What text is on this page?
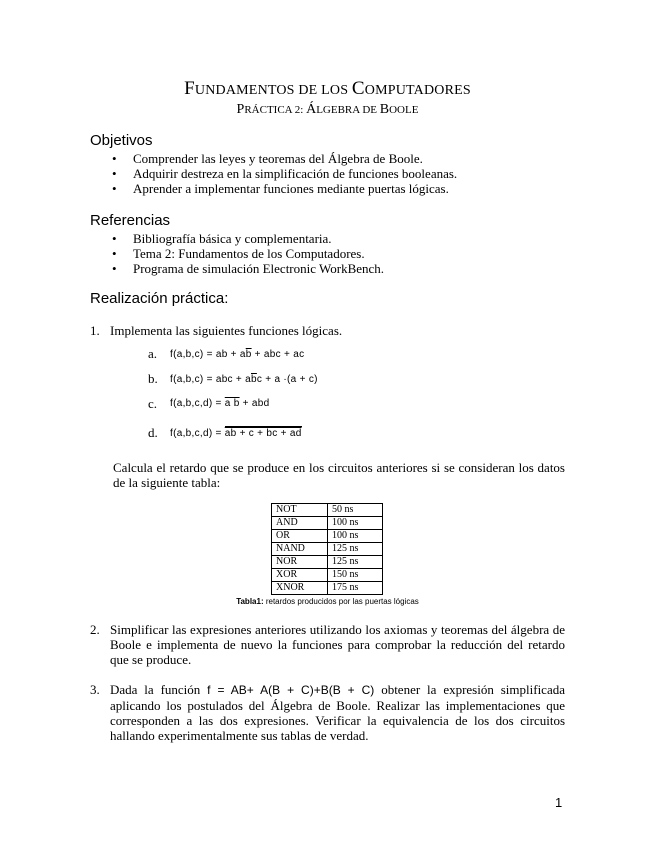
FUNDAMENTOS DE LOS COMPUTADORES
PRÁCTICA 2: ÁLGEBRA DE BOOLE
Objetivos
• Comprender las leyes y teoremas del Álgebra de Boole.
• Adquirir destreza en la simplificación de funciones booleanas.
• Aprender a implementar funciones mediante puertas lógicas.
Referencias
• Bibliografía básica y complementaria.
• Tema 2: Fundamentos de los Computadores.
• Programa de simulación Electronic WorkBench.
Realización práctica:
1. Implementa las siguientes funciones lógicas.
a. f(a,b,c) = ab + $a\overline{b}$ + abc + ac
b. f(a,b,c) = abc + $a\overline{b}c + a \cdot(a + c)$
c. f(a,b,c,d) = a b + abd
d. f(a,b,c,d) = ab + c + bc + ad
Calcula el retardo que se produce en los circuitos anteriores si se consideran los datos de la siguiente tabla:
NOT	50 ns
AND	100 ns
OR	100 ns
NAND	125 ns
NOR	125 ns
XOR	150 ns
XNOR	175 ns
Tabla1: retardos producidos por las puertas lógicas
2. Simplificar las expresiones anteriores utilizando los axiomas y teoremas del álgebra de Boole e implementa de nuevo la funciones para comprobar la reducción del retardo que se produce.
3. Dada la función f = AB+ A(B + C)+B(B + C) obtener la expresión simplificada aplicando los postulados del Álgebra de Boole. Realizar las implementaciones que corresponden a las dos expresiones. Verificar la equivalencia de los dos circuitos hallando experimentalmente sus tablas de verdad.
1
